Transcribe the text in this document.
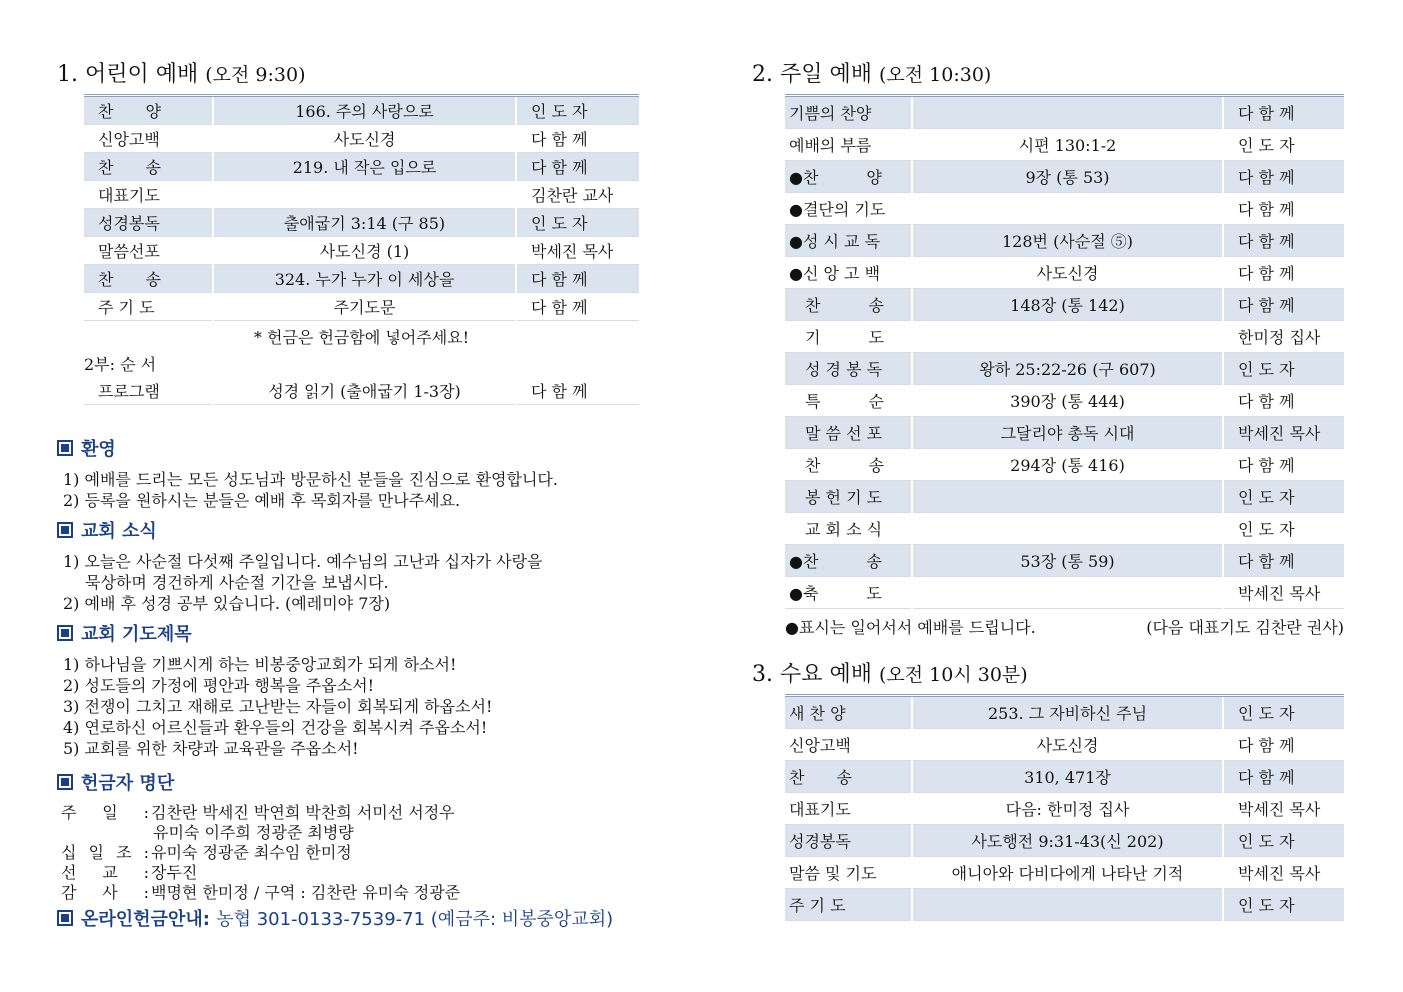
1. 어린이 예배 (오전 9:30)
찬　　양	166. 주의 사랑으로	인 도 자
신앙고백	사도신경	다 함 께
찬　　송	219. 내 작은 입으로	다 함 께
대표기도		김찬란 교사
성경봉독	출애굽기 3:14 (구 85)	인 도 자
말씀선포	사도신경 (1)	박세진 목사
찬　　송	324. 누가 누가 이 세상을	다 함 께
주 기 도	주기도문	다 함 께
* 헌금은 헌금함에 넣어주세요!
2부: 순 서
프로그램	성경 읽기 (출애굽기 1-3장)	다 함 께
환영
1) 예배를 드리는 모든 성도님과 방문하신 분들을 진심으로 환영합니다.
2) 등록을 원하시는 분들은 예배 후 목회자를 만나주세요.
교회 소식
1) 오늘은 사순절 다섯째 주일입니다. 예수님의 고난과 십자가 사랑을
묵상하며 경건하게 사순절 기간을 보냅시다.
2) 예배 후 성경 공부 있습니다. (예레미야 7장)
교회 기도제목
1) 하나님을 기쁘시게 하는 비봉중앙교회가 되게 하소서!
2) 성도들의 가정에 평안과 행복을 주옵소서!
3) 전쟁이 그치고 재해로 고난받는 자들이 회복되게 하옵소서!
4) 연로하신 어르신들과 환우들의 건강을 회복시켜 주옵소서!
5) 교회를 위한 차량과 교육관을 주옵소서!
헌금자 명단
주 일 : 김찬란 박세진 박연희 박찬희 서미선 서정우
유미숙 이주희 정광준 최병량
십 일 조 : 유미숙 정광준 최수임 한미정
선 교 : 장두진
감 사 : 백명현 한미정 / 구역 : 김찬란 유미숙 정광준
온라인헌금안내: 농협 301-0133-7539-71 (예금주: 비봉중앙교회)
2. 주일 예배 (오전 10:30)
기쁨의 찬양		다 함 께
예배의 부름	시편 130:1-2	인 도 자
●찬　　　양	9장 (통 53)	다 함 께
●결단의 기도		다 함 께
●성 시 교 독	128번 (사순절 ⑤)	다 함 께
●신 앙 고 백	사도신경	다 함 께
　찬　　　송	148장 (통 142)	다 함 께
　기　　　도		한미정 집사
　성 경 봉 독	왕하 25:22-26 (구 607)	인 도 자
　특　　　순	390장 (통 444)	다 함 께
　말 씀 선 포	그달리야 총독 시대	박세진 목사
　찬　　　송	294장 (통 416)	다 함 께
　봉 헌 기 도		인 도 자
　교 회 소 식		인 도 자
●찬　　　송	53장 (통 59)	다 함 께
●축　　　도		박세진 목사
●표시는 일어서서 예배를 드립니다.	(다음 대표기도 김찬란 권사)
3. 수요 예배 (오전 10시 30분)
새 찬 양	253. 그 자비하신 주님	인 도 자
신앙고백	사도신경	다 함 께
찬　　송	310, 471장	다 함 께
대표기도	다음: 한미정 집사	박세진 목사
성경봉독	사도행전 9:31-43(신 202)	인 도 자
말씀 및 기도	애니아와 다비다에게 나타난 기적	박세진 목사
주 기 도		인 도 자
